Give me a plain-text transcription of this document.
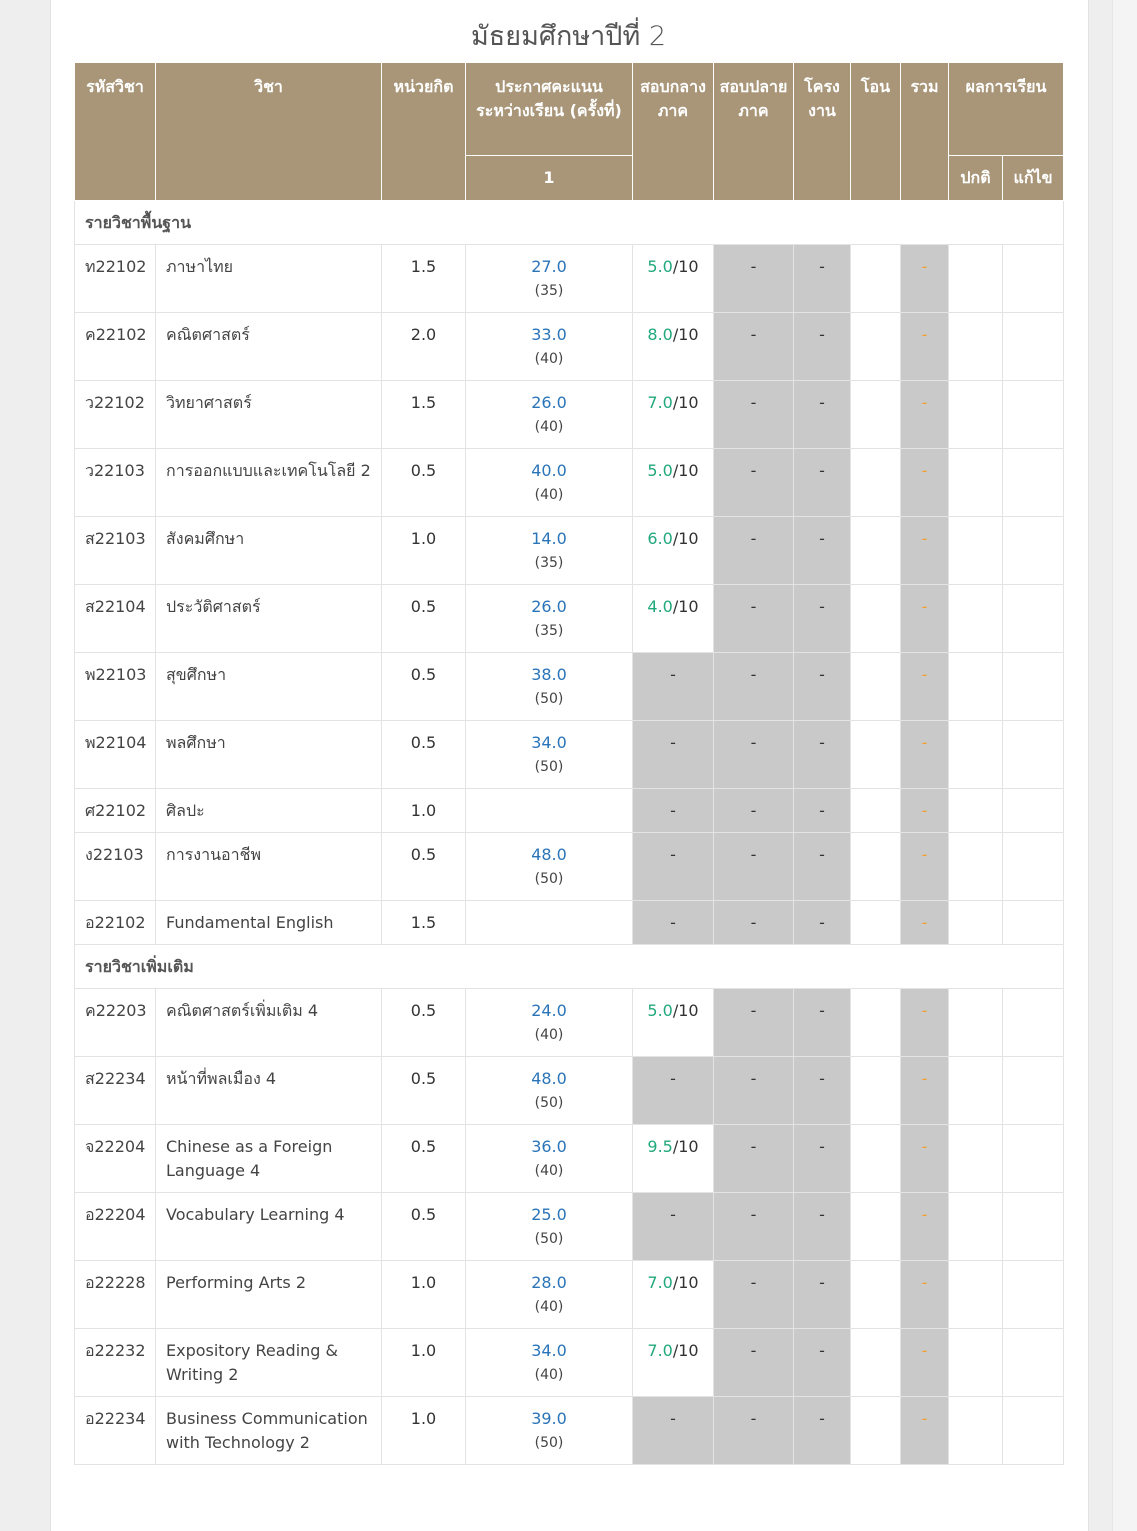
มัธยมศึกษาปีที่ 2
รหัสวิชา	วิชา	หน่วยกิต	ประกาศคะแนนระหว่างเรียน (ครั้งที่)	สอบกลางภาค	สอบปลายภาค	โครงงาน	โอน	รวม	ผลการเรียน	
			1						ปกติ	แก้ไข
รายวิชาพื้นฐาน										
ท22102	ภาษาไทย	1.5	27.0
(35)	5.0/10	-	-		-		
ค22102	คณิตศาสตร์	2.0	33.0
(40)	8.0/10	-	-		-		
ว22102	วิทยาศาสตร์	1.5	26.0
(40)	7.0/10	-	-		-		
ว22103	การออกแบบและเทคโนโลยี 2	0.5	40.0
(40)	5.0/10	-	-		-		
ส22103	สังคมศึกษา	1.0	14.0
(35)	6.0/10	-	-		-		
ส22104	ประวัติศาสตร์	0.5	26.0
(35)	4.0/10	-	-		-		
พ22103	สุขศึกษา	0.5	38.0
(50)	-	-	-		-		
พ22104	พลศึกษา	0.5	34.0
(50)	-	-	-		-		
ศ22102	ศิลปะ	1.0		-	-	-		-		
ง22103	การงานอาชีพ	0.5	48.0
(50)	-	-	-		-		
อ22102	Fundamental English	1.5		-	-	-		-		
รายวิชาเพิ่มเติม										
ค22203	คณิตศาสตร์เพิ่มเติม 4	0.5	24.0
(40)	5.0/10	-	-		-		
ส22234	หน้าที่พลเมือง 4	0.5	48.0
(50)	-	-	-		-		
จ22204	Chinese as a Foreign Language 4	0.5	36.0
(40)	9.5/10	-	-		-		
อ22204	Vocabulary Learning 4	0.5	25.0
(50)	-	-	-		-		
อ22228	Performing Arts 2	1.0	28.0
(40)	7.0/10	-	-		-		
อ22232	Expository Reading & Writing 2	1.0	34.0
(40)	7.0/10	-	-		-		
อ22234	Business Communication with Technology 2	1.0	39.0
(50)	-	-	-		-		
